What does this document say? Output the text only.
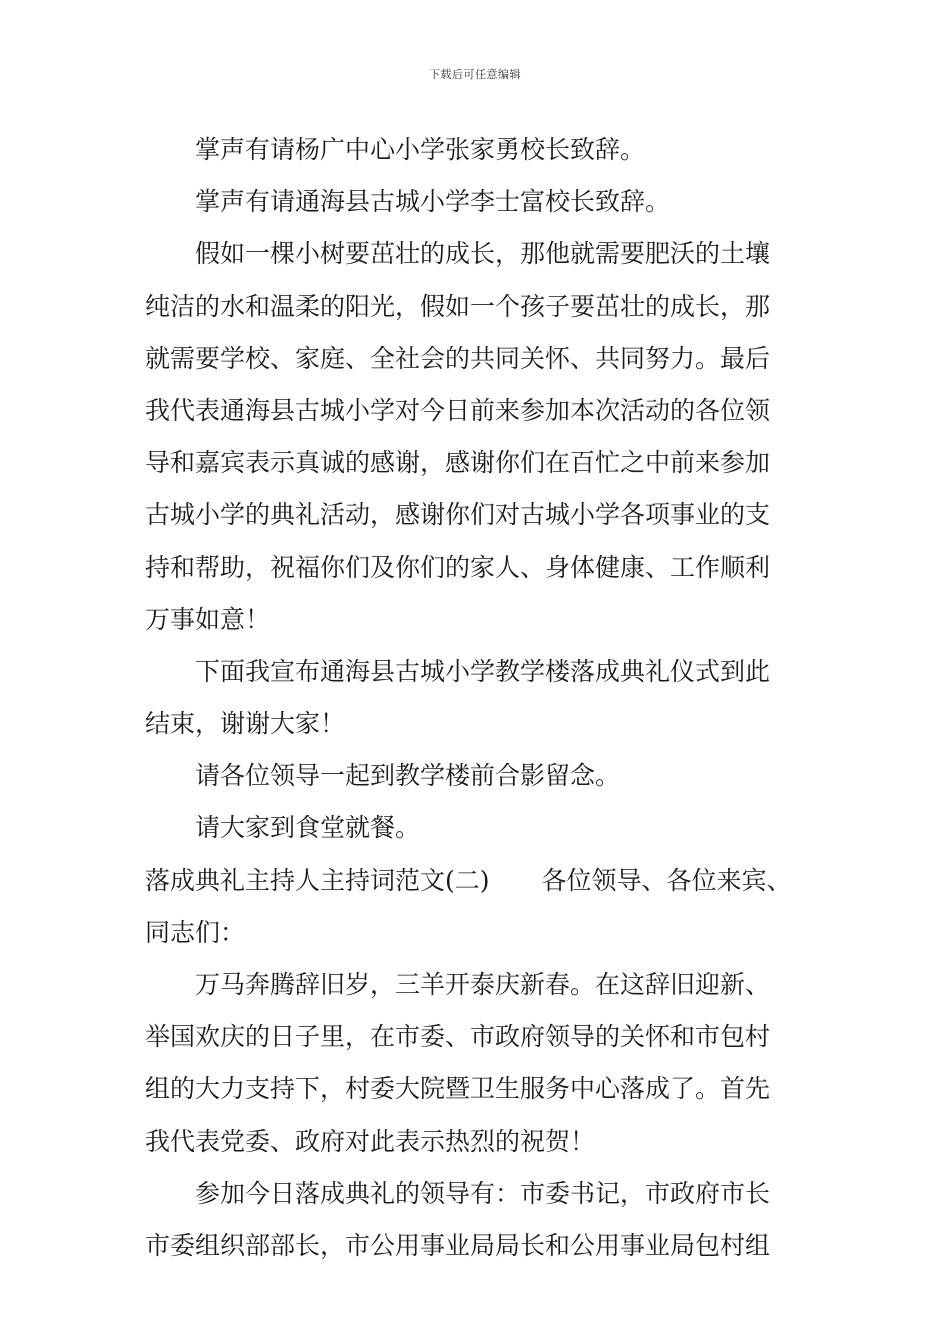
下载后可任意编辑
掌声有请杨广中心小学张家勇校长致辞。
掌声有请通海县古城小学李士富校长致辞。
假如一棵小树要茁壮的成长，那他就需要肥沃的土壤
纯洁的水和温柔的阳光，假如一个孩子要茁壮的成长，那
就需要学校、家庭、全社会的共同关怀、共同努力。最后
我代表通海县古城小学对今日前来参加本次活动的各位领
导和嘉宾表示真诚的感谢，感谢你们在百忙之中前来参加
古城小学的典礼活动，感谢你们对古城小学各项事业的支
持和帮助，祝福你们及你们的家人、身体健康、工作顺利
万事如意！
下面我宣布通海县古城小学教学楼落成典礼仪式到此
结束，谢谢大家！
请各位领导一起到教学楼前合影留念。
请大家到食堂就餐。
落成典礼主持人主持词范文(二) 各位领导、各位来宾、
同志们：
万马奔腾辞旧岁，三羊开泰庆新春。在这辞旧迎新、
举国欢庆的日子里，在市委、市政府领导的关怀和市包村
组的大力支持下，村委大院暨卫生服务中心落成了。首先
我代表党委、政府对此表示热烈的祝贺！
参加今日落成典礼的领导有：市委书记，市政府市长
市委组织部部长，市公用事业局局长和公用事业局包村组
